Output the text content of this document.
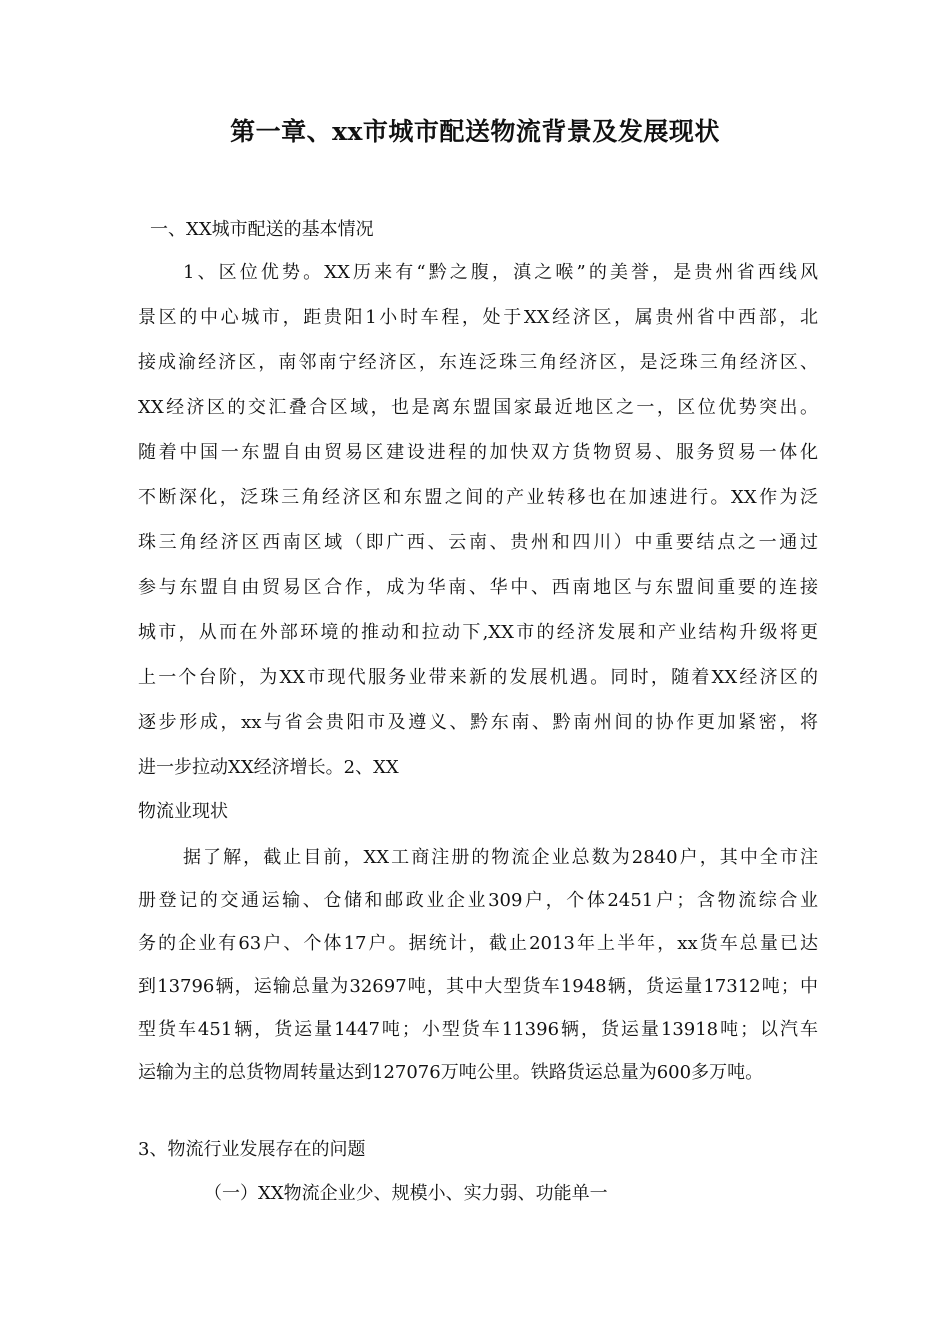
第一章、xx市城市配送物流背景及发展现状
一、XX城市配送的基本情况
1、区位优势。XX历来有“黔之腹，滇之喉”的美誉，是贵州省西线风
景区的中心城市，距贵阳1小时车程，处于XX经济区，属贵州省中西部，北
接成渝经济区，南邻南宁经济区，东连泛珠三角经济区，是泛珠三角经济区、
XX经济区的交汇叠合区域，也是离东盟国家最近地区之一，区位优势突出。
随着中国一东盟自由贸易区建设进程的加快双方货物贸易、服务贸易一体化
不断深化，泛珠三角经济区和东盟之间的产业转移也在加速进行。XX作为泛
珠三角经济区西南区域（即广西、云南、贵州和四川）中重要结点之一通过
参与东盟自由贸易区合作，成为华南、华中、西南地区与东盟间重要的连接
城市，从而在外部环境的推动和拉动下,XX市的经济发展和产业结构升级将更
上一个台阶，为XX市现代服务业带来新的发展机遇。同时，随着XX经济区的
逐步形成，xx与省会贵阳市及遵义、黔东南、黔南州间的协作更加紧密，将
进一步拉动XX经济增长。2、XX
物流业现状
据了解，截止目前，XX工商注册的物流企业总数为2840户，其中全市注
册登记的交通运输、仓储和邮政业企业309户，个体2451户；含物流综合业
务的企业有63户、个体17户。据统计，截止2013年上半年，xx货车总量已达
到13796辆，运输总量为32697吨，其中大型货车1948辆，货运量17312吨；中
型货车451辆，货运量1447吨；小型货车11396辆，货运量13918吨；以汽车
运输为主的总货物周转量达到127076万吨公里。铁路货运总量为600多万吨。
3、物流行业发展存在的问题
（一）XX物流企业少、规模小、实力弱、功能单一
